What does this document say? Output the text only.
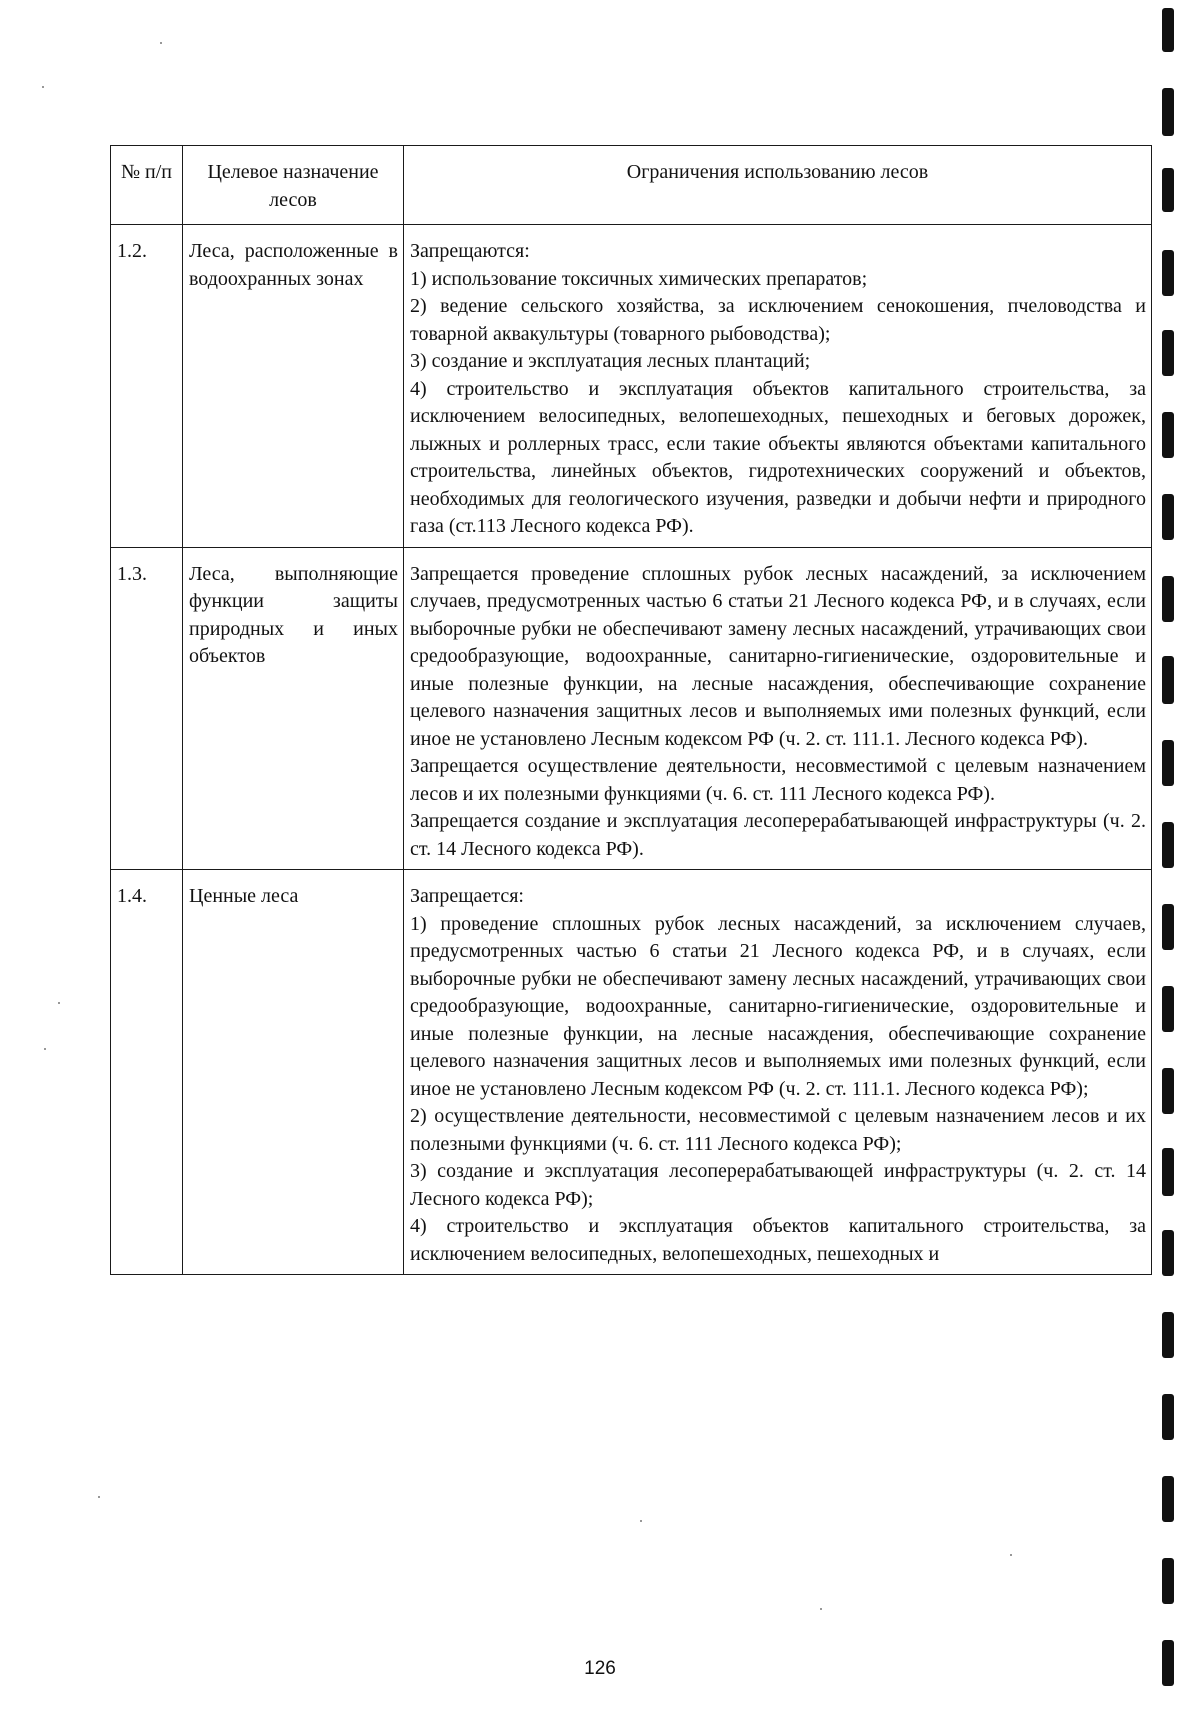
№ п/п	Целевое назначение лесов	Ограничения использованию лесов
1.2.	Леса, расположенные в водоохранных зонах	Запрещаются:

1) использование токсичных химических препаратов;

2) ведение сельского хозяйства, за исключением сенокошения, пчеловодства и товарной аквакультуры (товарного рыбоводства);

3) создание и эксплуатация лесных плантаций;

4) строительство и эксплуатация объектов капитального строительства, за исключением велосипедных, велопешеходных, пешеходных и беговых дорожек, лыжных и роллерных трасс, если такие объекты являются объектами капитального строительства, линейных объектов, гидротехнических сооружений и объектов, необходимых для геологического изучения, разведки и добычи нефти и природного газа (ст.113 Лесного кодекса РФ).

1.3.	Леса, выполняющие функции защиты природных и иных объектов	Запрещается проведение сплошных рубок лесных насаждений, за исключением случаев, предусмотренных частью 6 статьи 21 Лесного кодекса РФ, и в случаях, если выборочные рубки не обеспечивают замену лесных насаждений, утрачивающих свои средообразующие, водоохранные, санитарно-гигиенические, оздоровительные и иные полезные функции, на лесные насаждения, обеспечивающие сохранение целевого назначения защитных лесов и выполняемых ими полезных функций, если иное не установлено Лесным кодексом РФ (ч. 2. ст. 111.1. Лесного кодекса РФ).

Запрещается осуществление деятельности, несовместимой с целевым назначением лесов и их полезными функциями (ч. 6. ст. 111 Лесного кодекса РФ).

Запрещается создание и эксплуатация лесоперерабатывающей инфраструктуры (ч. 2. ст. 14 Лесного кодекса РФ).

1.4.	Ценные леса	Запрещается:

1) проведение сплошных рубок лесных насаждений, за исключением случаев, предусмотренных частью 6 статьи 21 Лесного кодекса РФ, и в случаях, если выборочные рубки не обеспечивают замену лесных насаждений, утрачивающих свои средообразующие, водоохранные, санитарно-гигиенические, оздоровительные и иные полезные функции, на лесные насаждения, обеспечивающие сохранение целевого назначения защитных лесов и выполняемых ими полезных функций, если иное не установлено Лесным кодексом РФ (ч. 2. ст. 111.1. Лесного кодекса РФ);

2) осуществление деятельности, несовместимой с целевым назначением лесов и их полезными функциями (ч. 6. ст. 111 Лесного кодекса РФ);

3) создание и эксплуатация лесоперерабатывающей инфраструктуры (ч. 2. ст. 14 Лесного кодекса РФ);

4) строительство и эксплуатация объектов капитального строительства, за исключением велосипедных, велопешеходных, пешеходных и

126
